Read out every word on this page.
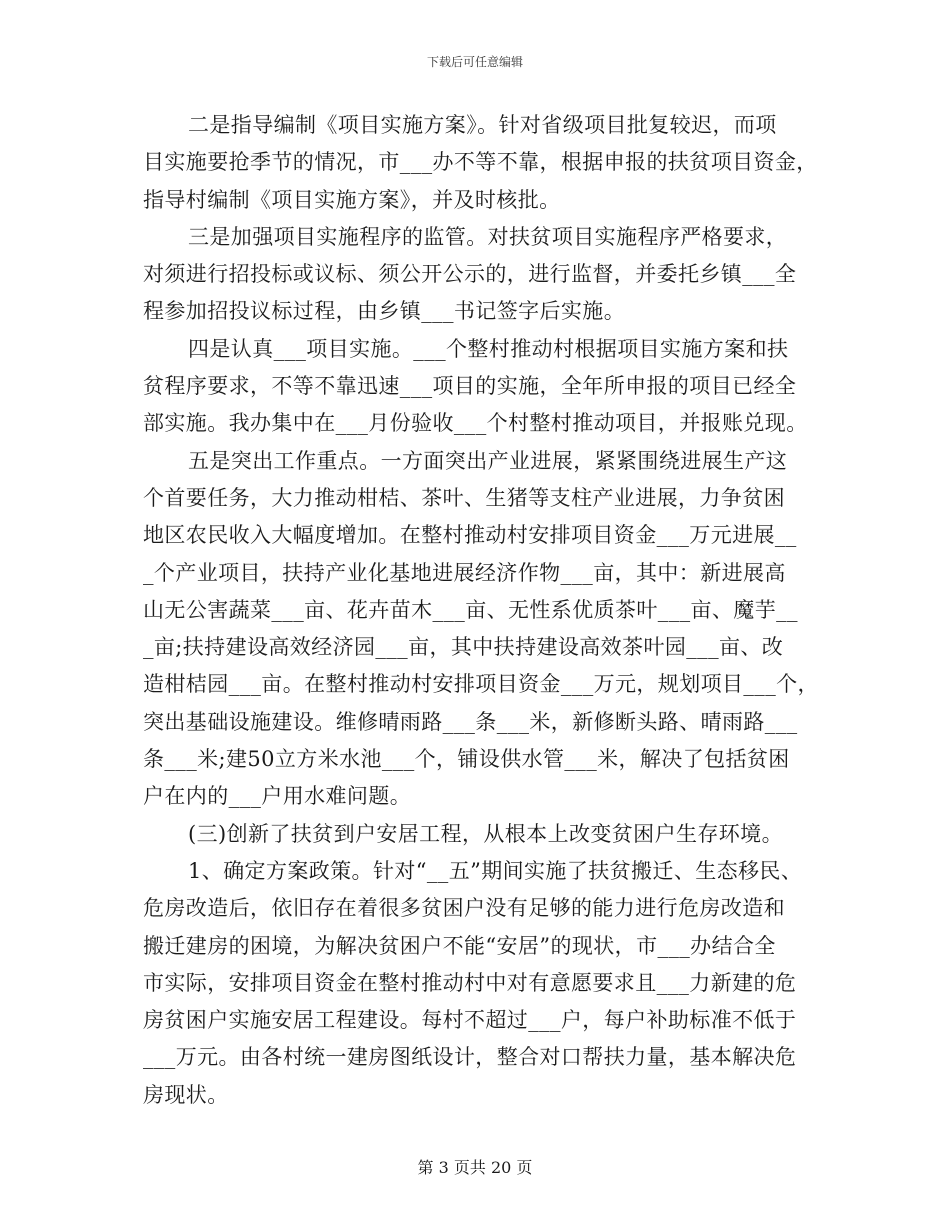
下载后可任意编辑
二是指导编制《项目实施方案》。针对省级项目批复较迟，而项
目实施要抢季节的情况，市___办不等不靠，根据申报的扶贫项目资金，
指导村编制《项目实施方案》，并及时核批。
三是加强项目实施程序的监管。对扶贫项目实施程序严格要求，
对须进行招投标或议标、须公开公示的，进行监督，并委托乡镇___全
程参加招投议标过程，由乡镇___书记签字后实施。
四是认真___项目实施。___个整村推动村根据项目实施方案和扶
贫程序要求，不等不靠迅速___项目的实施，全年所申报的项目已经全
部实施。我办集中在___月份验收___个村整村推动项目，并报账兑现。
五是突出工作重点。一方面突出产业进展，紧紧围绕进展生产这
个首要任务，大力推动柑桔、茶叶、生猪等支柱产业进展，力争贫困
地区农民收入大幅度增加。在整村推动村安排项目资金___万元进展__
_个产业项目，扶持产业化基地进展经济作物___亩，其中：新进展高
山无公害蔬菜___亩、花卉苗木___亩、无性系优质茶叶___亩、魔芋__
_亩;扶持建设高效经济园___亩，其中扶持建设高效茶叶园___亩、改
造柑桔园___亩。在整村推动村安排项目资金___万元，规划项目___个，
突出基础设施建设。维修晴雨路___条___米，新修断头路、晴雨路___
条___米;建50立方米水池___个，铺设供水管___米，解决了包括贫困
户在内的___户用水难问题。
(三)创新了扶贫到户安居工程，从根本上改变贫困户生存环境。
1、确定方案政策。针对“__五”期间实施了扶贫搬迁、生态移民、
危房改造后，依旧存在着很多贫困户没有足够的能力进行危房改造和
搬迁建房的困境，为解决贫困户不能“安居”的现状，市___办结合全
市实际，安排项目资金在整村推动村中对有意愿要求且___力新建的危
房贫困户实施安居工程建设。每村不超过___户，每户补助标准不低于
___万元。由各村统一建房图纸设计，整合对口帮扶力量，基本解决危
房现状。
第 3 页共 20 页
